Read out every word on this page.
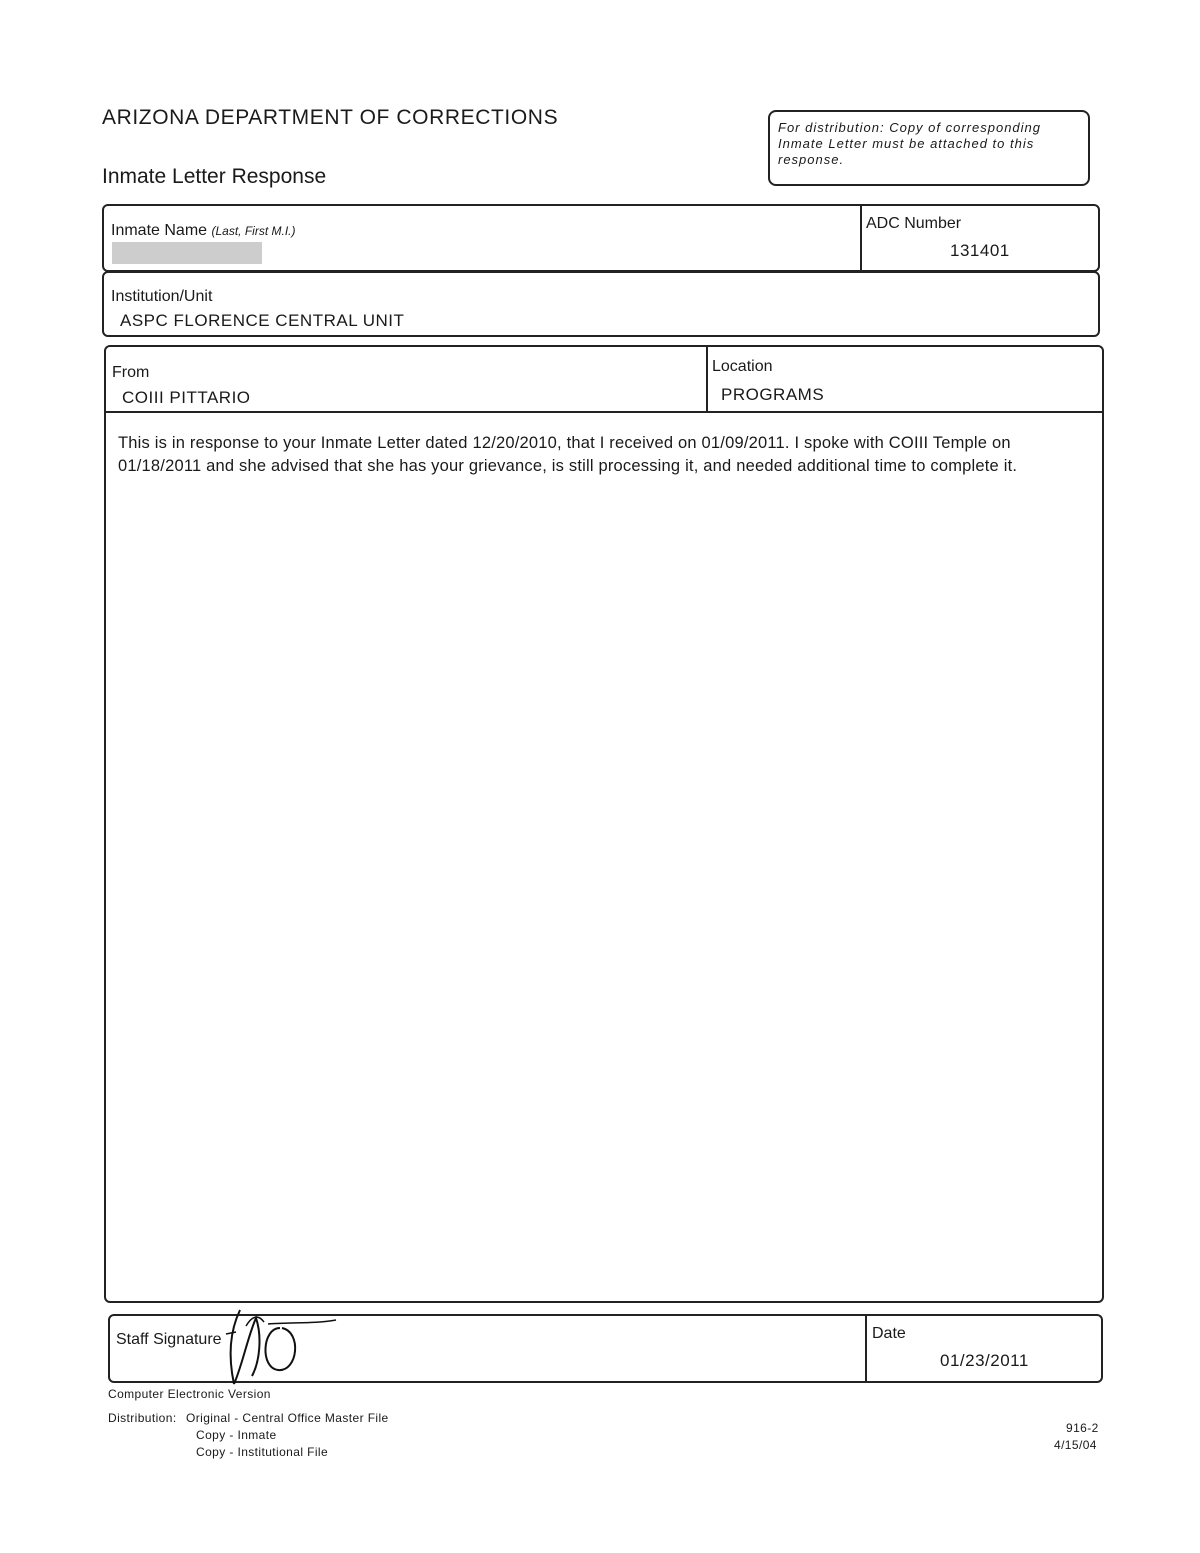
ARIZONA DEPARTMENT OF CORRECTIONS
Inmate Letter Response
For distribution: Copy of corresponding Inmate Letter must be attached to this response.
Inmate Name (Last, First M.I.)	ADC Number
131401
Institution/Unit
ASPC FLORENCE CENTRAL UNIT
From
COIII PITTARIO
Location
PROGRAMS
This is in response to your Inmate Letter dated 12/20/2010, that I received on 01/09/2011. I spoke with COIII Temple on 01/18/2011 and she advised that she has your grievance, is still processing it, and needed additional time to complete it.
Staff Signature	Date
01/23/2011
Computer Electronic Version
Distribution: Original - Central Office Master File
Copy - Inmate
Copy - Institutional File
916-2
4/15/04
